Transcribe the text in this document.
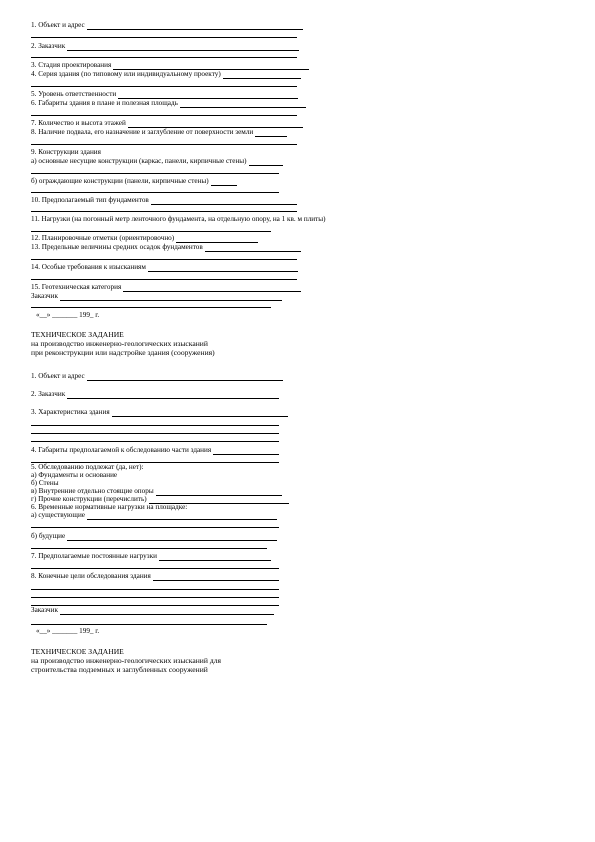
1. Объект и адрес
2. Заказчик
3. Стадия проектирования
4. Серия здания (по типовому или индивидуальному проекту)
5. Уровень ответственности
6. Габариты здания в плане и полезная площадь
7. Количество и высота этажей
8. Наличие подвала, его назначение и заглубление от поверхности земли
9. Конструкции здания
а) основные несущие конструкции (каркас, панели, кирпичные стены)
б) ограждающие конструкции (панели, кирпичные стены)
10. Предполагаемый тип фундаментов
11. Нагрузки (на погонный метр ленточного фундамента, на отдельную опору, на 1 кв. м плиты)
12. Планировочные отметки (ориентировочно)
13. Предельные величины средних осадок фундаментов
14. Особые требования к изысканиям
15. Геотехническая категория
Заказчик
«__» _______ 199_ г.
ТЕХНИЧЕСКОЕ ЗАДАНИЕ
на производство инженерно-геологических изысканий
при реконструкции или надстройке здания (сооружения)
1. Объект и адрес
2. Заказчик
3. Характеристика здания
4. Габариты предполагаемой к обследованию части здания
5. Обследованию подлежат (да, нет):
а) Фундаменты и основание
б) Стены
в) Внутренние отдельно стоящие опоры
г) Прочие конструкции (перечислить)
6. Временные нормативные нагрузки на площадке:
а) существующие
б) будущие
7. Предполагаемые постоянные нагрузки
8. Конечные цели обследования здания
Заказчик
«__» _______ 199_ г.
ТЕХНИЧЕСКОЕ ЗАДАНИЕ
на производство инженерно-геологических изысканий для
строительства подземных и заглубленных сооружений
